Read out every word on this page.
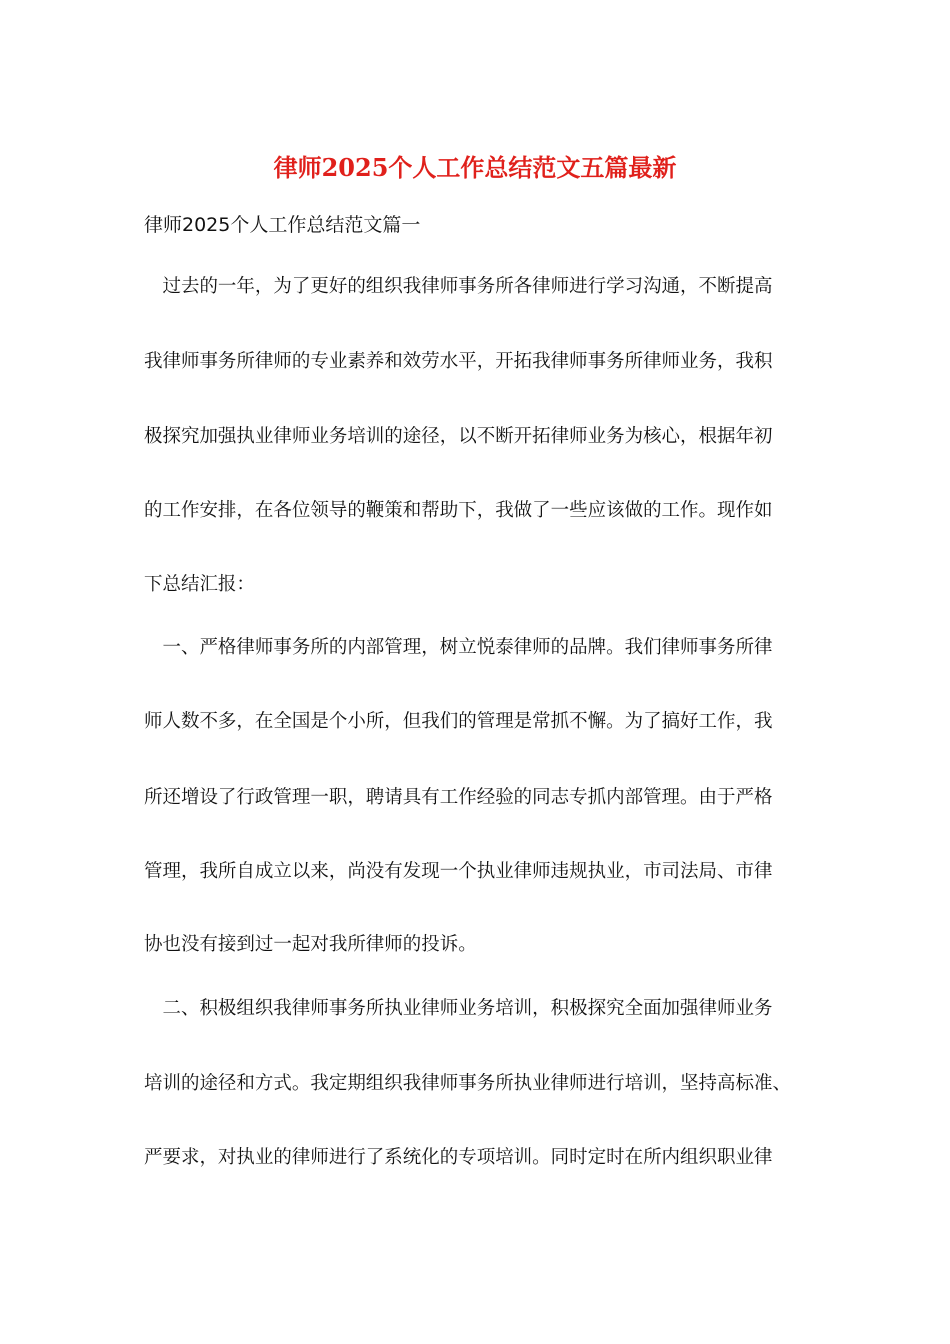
律师2025个人工作总结范文五篇最新

律师2025个人工作总结范文篇一

　过去的一年，为了更好的组织我律师事务所各律师进行学习沟通，不断提高

我律师事务所律师的专业素养和效劳水平，开拓我律师事务所律师业务，我积

极探究加强执业律师业务培训的途径，以不断开拓律师业务为核心，根据年初

的工作安排，在各位领导的鞭策和帮助下，我做了一些应该做的工作。现作如

下总结汇报：

　一、严格律师事务所的内部管理，树立悦泰律师的品牌。我们律师事务所律

师人数不多，在全国是个小所，但我们的管理是常抓不懈。为了搞好工作，我

所还增设了行政管理一职，聘请具有工作经验的同志专抓内部管理。由于严格

管理，我所自成立以来，尚没有发现一个执业律师违规执业，市司法局、市律

协也没有接到过一起对我所律师的投诉。

　二、积极组织我律师事务所执业律师业务培训，积极探究全面加强律师业务

培训的途径和方式。我定期组织我律师事务所执业律师进行培训，坚持高标准、

严要求，对执业的律师进行了系统化的专项培训。同时定时在所内组织职业律
